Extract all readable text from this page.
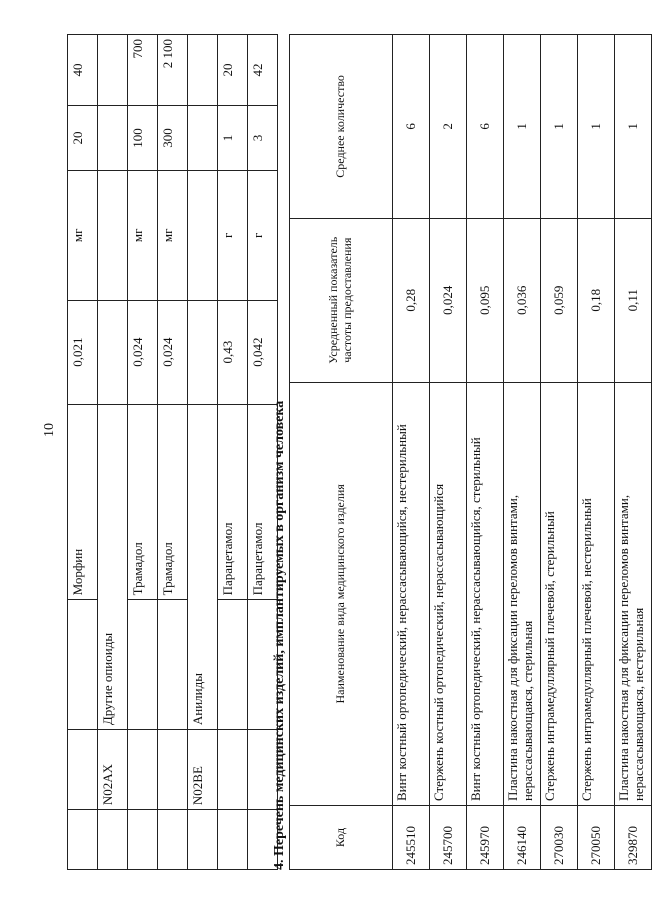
10
			Морфин	0,021	мг	20	40
	N02AX	Другие опиоиды					
			Трамадол	0,024	мг	100	700
			Трамадол	0,024	мг	300	2 100
	N02BE	Анилиды					
			Парацетамол	0,43	г	1	20
			Парацетамол	0,042	г	3	42
4. Перечень медицинских изделий, имплантируемых в организм человека	Код	Наименование вида медицинского изделия	Усредненный показатель частоты предоставления	Среднее количество
245510	Винт костный ортопедический, нерассасывающийся, нестерильный	0,28	6
245700	Стержень костный ортопедический, нерассасывающийся	0,024	2
245970	Винт костный ортопедический, нерассасывающийся, стерильный	0,095	6
246140	Пластина накостная для фиксации переломов винтами, нерассасывающаяся, стерильная	0,036	1
270030	Стержень интрамедуллярный плечевой, стерильный	0,059	1
270050	Стержень интрамедуллярный плечевой, нестерильный	0,18	1
329870	Пластина накостная для фиксации переломов винтами, нерассасывающаяся, нестерильная	0,11	1
